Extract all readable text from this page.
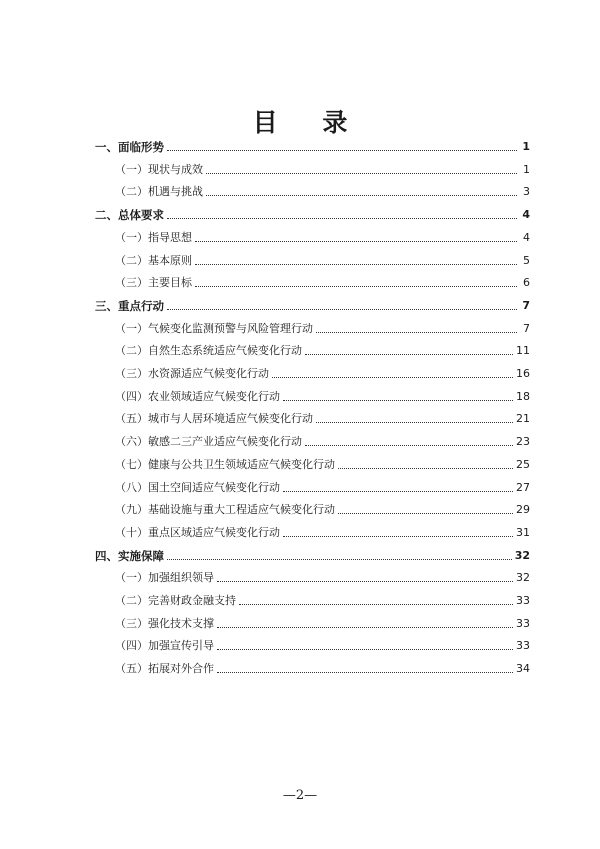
目 录
一、面临形势	1
（一）现状与成效	1
（二）机遇与挑战	3
二、总体要求	4
（一）指导思想	4
（二）基本原则	5
（三）主要目标	6
三、重点行动	7
（一）气候变化监测预警与风险管理行动	7
（二）自然生态系统适应气候变化行动	11
（三）水资源适应气候变化行动	16
（四）农业领域适应气候变化行动	18
（五）城市与人居环境适应气候变化行动	21
（六）敏感二三产业适应气候变化行动	23
（七）健康与公共卫生领域适应气候变化行动	25
（八）国土空间适应气候变化行动	27
（九）基础设施与重大工程适应气候变化行动	29
（十）重点区域适应气候变化行动	31
四、实施保障	32
（一）加强组织领导	32
（二）完善财政金融支持	33
（三）强化技术支撑	33
（四）加强宣传引导	33
（五）拓展对外合作	34
—2—
